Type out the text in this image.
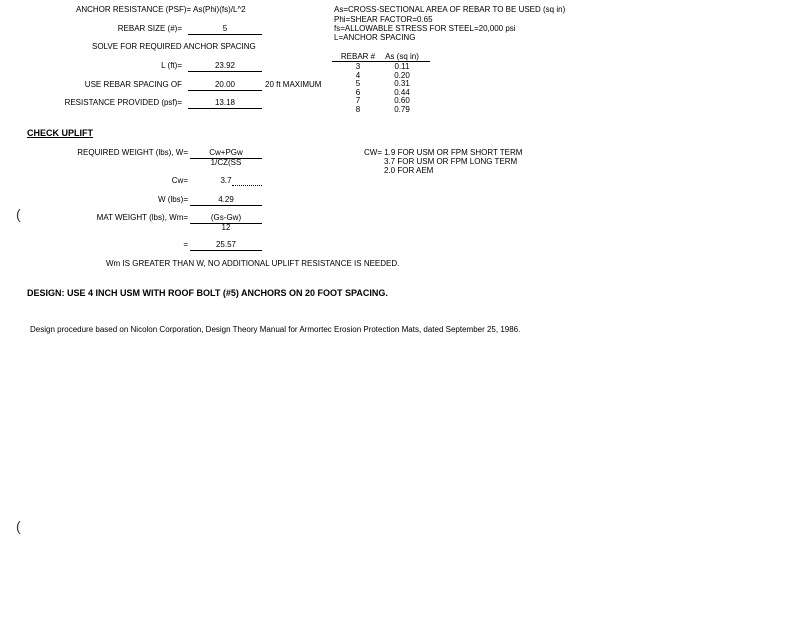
ANCHOR RESISTANCE (PSF)= As(Phi)(fs)/L^2
REBAR SIZE (#)=	5
SOLVE FOR REQUIRED ANCHOR SPACING
L (ft)=	23.92
USE REBAR SPACING OF	20.00	20 ft MAXIMUM
RESISTANCE PROVIDED (psf)=	13.18
As=CROSS-SECTIONAL AREA OF REBAR TO BE USED (sq in)
Phi=SHEAR FACTOR=0.65
fs=ALLOWABLE STRESS FOR STEEL=20,000 psi
L=ANCHOR SPACING
REBAR #	As (sq in)
3	0.11
4	0.20
5	0.31
6	0.44
7	0.60
8	0.79
CHECK UPLIFT
REQUIRED WEIGHT (lbs), W=	Cw+PGw
1/CZ(SS
Cw=	3.7
W (lbs)=	4.29
MAT WEIGHT (lbs), Wm=	(Gs-Gw)
12
=	25.57
CW= 1.9 FOR USM OR FPM SHORT TERM
3.7 FOR USM OR FPM LONG TERM
2.0 FOR AEM
Wm IS GREATER THAN W, NO ADDITIONAL UPLIFT RESISTANCE IS NEEDED.
DESIGN: USE 4 INCH USM WITH ROOF BOLT (#5) ANCHORS ON 20 FOOT SPACING.
Design procedure based on Nicolon Corporation, Design Theory Manual for Armortec Erosion Protection Mats, dated September 25, 1986.
(
(
